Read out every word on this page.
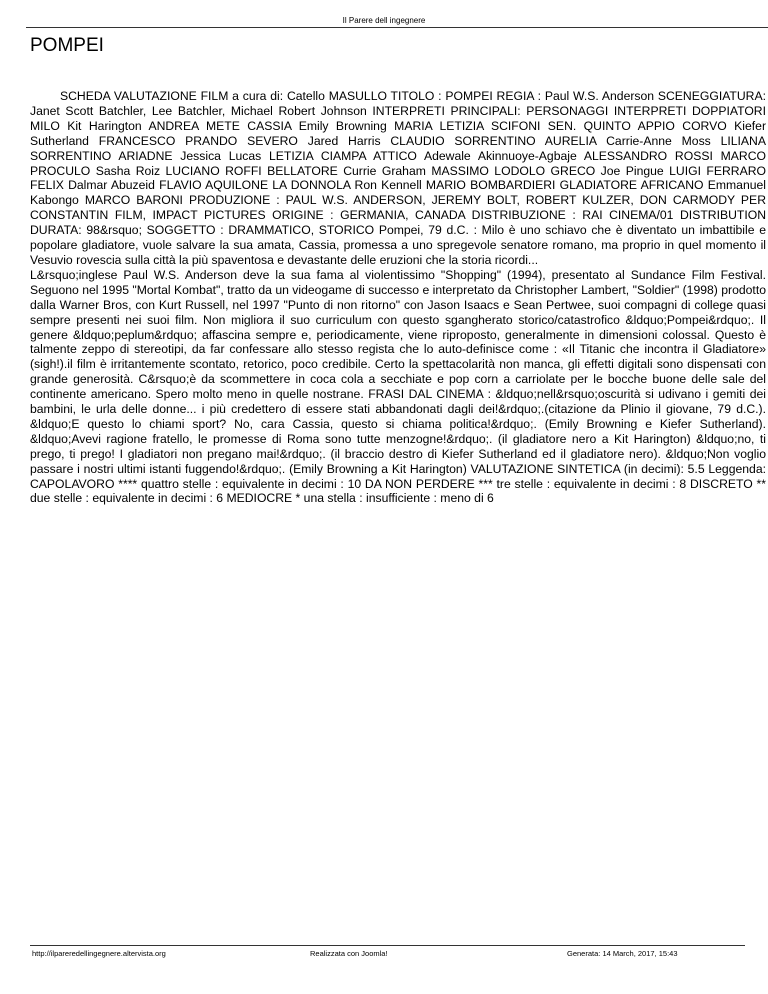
Il Parere dell ingegnere
POMPEI

SCHEDA VALUTAZIONE FILM a cura di: Catello MASULLO TITOLO : POMPEI REGIA : Paul W.S. Anderson SCENEGGIATURA: Janet Scott Batchler, Lee Batchler, Michael Robert Johnson INTERPRETI PRINCIPALI: PERSONAGGI INTERPRETI DOPPIATORI MILO Kit Harington ANDREA METE CASSIA Emily Browning MARIA LETIZIA SCIFONI SEN. QUINTO APPIO CORVO Kiefer Sutherland FRANCESCO PRANDO SEVERO Jared Harris CLAUDIO SORRENTINO AURELIA Carrie-Anne Moss LILIANA SORRENTINO ARIADNE Jessica Lucas LETIZIA CIAMPA ATTICO Adewale Akinnuoye-Agbaje ALESSANDRO ROSSI MARCO PROCULO Sasha Roiz LUCIANO ROFFI BELLATORE Currie Graham MASSIMO LODOLO GRECO Joe Pingue LUIGI FERRARO FELIX Dalmar Abuzeid FLAVIO AQUILONE LA DONNOLA Ron Kennell MARIO BOMBARDIERI GLADIATORE AFRICANO Emmanuel Kabongo MARCO BARONI PRODUZIONE : PAUL W.S. ANDERSON, JEREMY BOLT, ROBERT KULZER, DON CARMODY PER CONSTANTIN FILM, IMPACT PICTURES ORIGINE : GERMANIA, CANADA DISTRIBUZIONE : RAI CINEMA/01 DISTRIBUTION DURATA: 98&rsquo; SOGGETTO : DRAMMATICO, STORICO Pompei, 79 d.C. : Milo è uno schiavo che è diventato un imbattibile e popolare gladiatore, vuole salvare la sua amata, Cassia, promessa a uno spregevole senatore romano, ma proprio in quel momento il Vesuvio rovescia sulla città la più spaventosa e devastante delle eruzioni che la storia ricordi...

L&rsquo;inglese Paul W.S. Anderson deve la sua fama al violentissimo "Shopping" (1994), presentato al Sundance Film Festival. Seguono nel 1995 "Mortal Kombat", tratto da un videogame di successo e interpretato da Christopher Lambert, "Soldier" (1998) prodotto dalla Warner Bros, con Kurt Russell, nel 1997 "Punto di non ritorno" con Jason Isaacs e Sean Pertwee, suoi compagni di college quasi sempre presenti nei suoi film. Non migliora il suo curriculum con questo sgangherato storico/catastrofico &ldquo;Pompei&rdquo;. Il genere &ldquo;peplum&rdquo; affascina sempre e, periodicamente, viene riproposto, generalmente in dimensioni colossal. Questo è talmente zeppo di stereotipi, da far confessare allo stesso regista che lo auto-definisce come : «Il Titanic che incontra il Gladiatore» (sigh!).il film è irritantemente scontato, retorico, poco credibile. Certo la spettacolarità non manca, gli effetti digitali sono dispensati con grande generosità. C&rsquo;è da scommettere in coca cola a secchiate e pop corn a carriolate per le bocche buone delle sale del continente americano. Spero molto meno in quelle nostrane. FRASI DAL CINEMA : &ldquo;nell&rsquo;oscurità si udivano i gemiti dei bambini, le urla delle donne... i più credettero di essere stati abbandonati dagli dei!&rdquo;.(citazione da Plinio il giovane, 79 d.C.). &ldquo;E questo lo chiami sport? No, cara Cassia, questo si chiama politica!&rdquo;. (Emily Browning e Kiefer Sutherland). &ldquo;Avevi ragione fratello, le promesse di Roma sono tutte menzogne!&rdquo;. (il gladiatore nero a Kit Harington) &ldquo;no, ti prego, ti prego! I gladiatori non pregano mai!&rdquo;. (il braccio destro di Kiefer Sutherland ed il gladiatore nero). &ldquo;Non voglio passare i nostri ultimi istanti fuggendo!&rdquo;. (Emily Browning a Kit Harington) VALUTAZIONE SINTETICA (in decimi): 5.5 Leggenda: CAPOLAVORO **** quattro stelle : equivalente in decimi : 10 DA NON PERDERE *** tre stelle : equivalente in decimi : 8 DISCRETO ** due stelle : equivalente in decimi : 6 MEDIOCRE * una stella : insufficiente : meno di 6

http://ilpareredellingegnere.altervista.org	Realizzata con Joomla!	Generata: 14 March, 2017, 15:43
